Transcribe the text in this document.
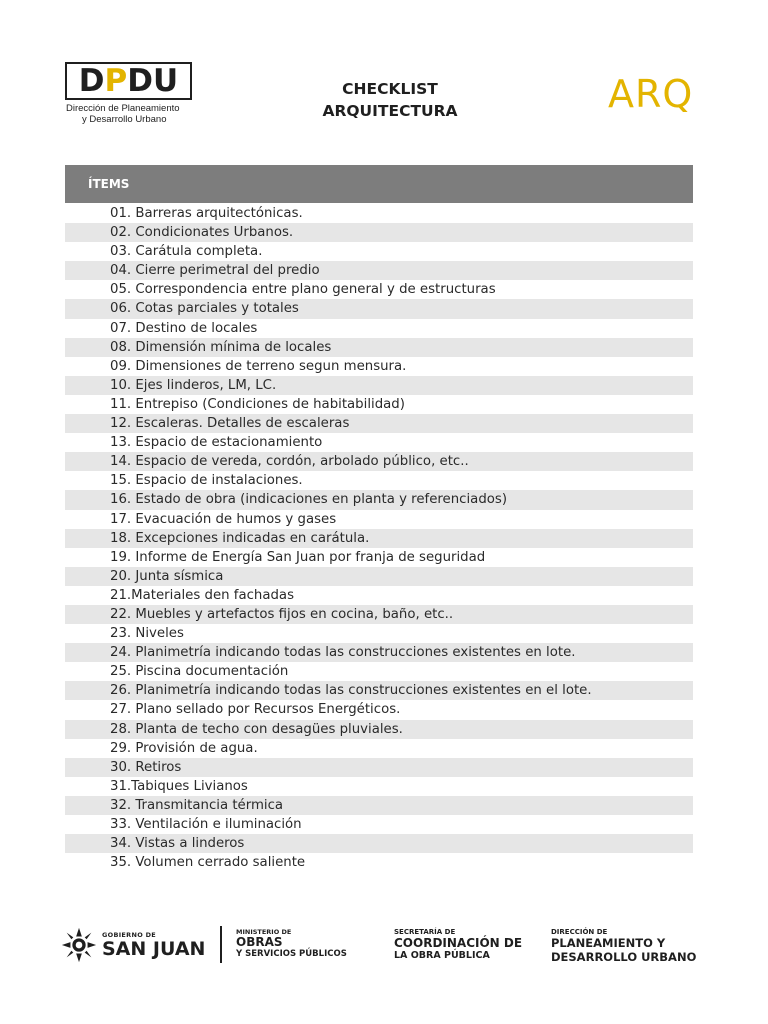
D P D U
Dirección de Planeamiento
y Desarrollo Urbano
CHECKLIST
ARQUITECTURA	ARQ
ÍTEMS
01. Barreras arquitectónicas.
02. Condicionates Urbanos.
03. Carátula completa.
04. Cierre perimetral del predio
05. Correspondencia entre plano general y de estructuras
06. Cotas parciales y totales
07. Destino de locales
08. Dimensión mínima de locales
09. Dimensiones de terreno segun mensura.
10. Ejes linderos, LM, LC.
11. Entrepiso (Condiciones de habitabilidad)
12. Escaleras. Detalles de escaleras
13. Espacio de estacionamiento
14. Espacio de vereda, cordón, arbolado público, etc..
15. Espacio de instalaciones.
16. Estado de obra (indicaciones en planta y referenciados)
17. Evacuación de humos y gases
18. Excepciones indicadas en carátula.
19. Informe de Energía San Juan por franja de seguridad
20. Junta sísmica
21.Materiales den fachadas
22. Muebles y artefactos fijos en cocina, baño, etc..
23. Niveles
24. Planimetría indicando todas las construcciones existentes en lote.
25. Piscina documentación
26. Planimetría indicando todas las construcciones existentes en el lote.
27. Plano sellado por Recursos Energéticos.
28. Planta de techo con desagües pluviales.
29. Provisión de agua.
30. Retiros
31.Tabiques Livianos
32. Transmitancia térmica
33. Ventilación e iluminación
34. Vistas a linderos
35. Volumen cerrado saliente
GOBIERNO DE
SAN JUAN
MINISTERIO DE
OBRAS
Y SERVICIOS PÚBLICOS
SECRETARÍA DE
COORDINACIÓN DE
LA OBRA PÚBLICA
DIRECCIÓN DE
PLANEAMIENTO Y
DESARROLLO URBANO
